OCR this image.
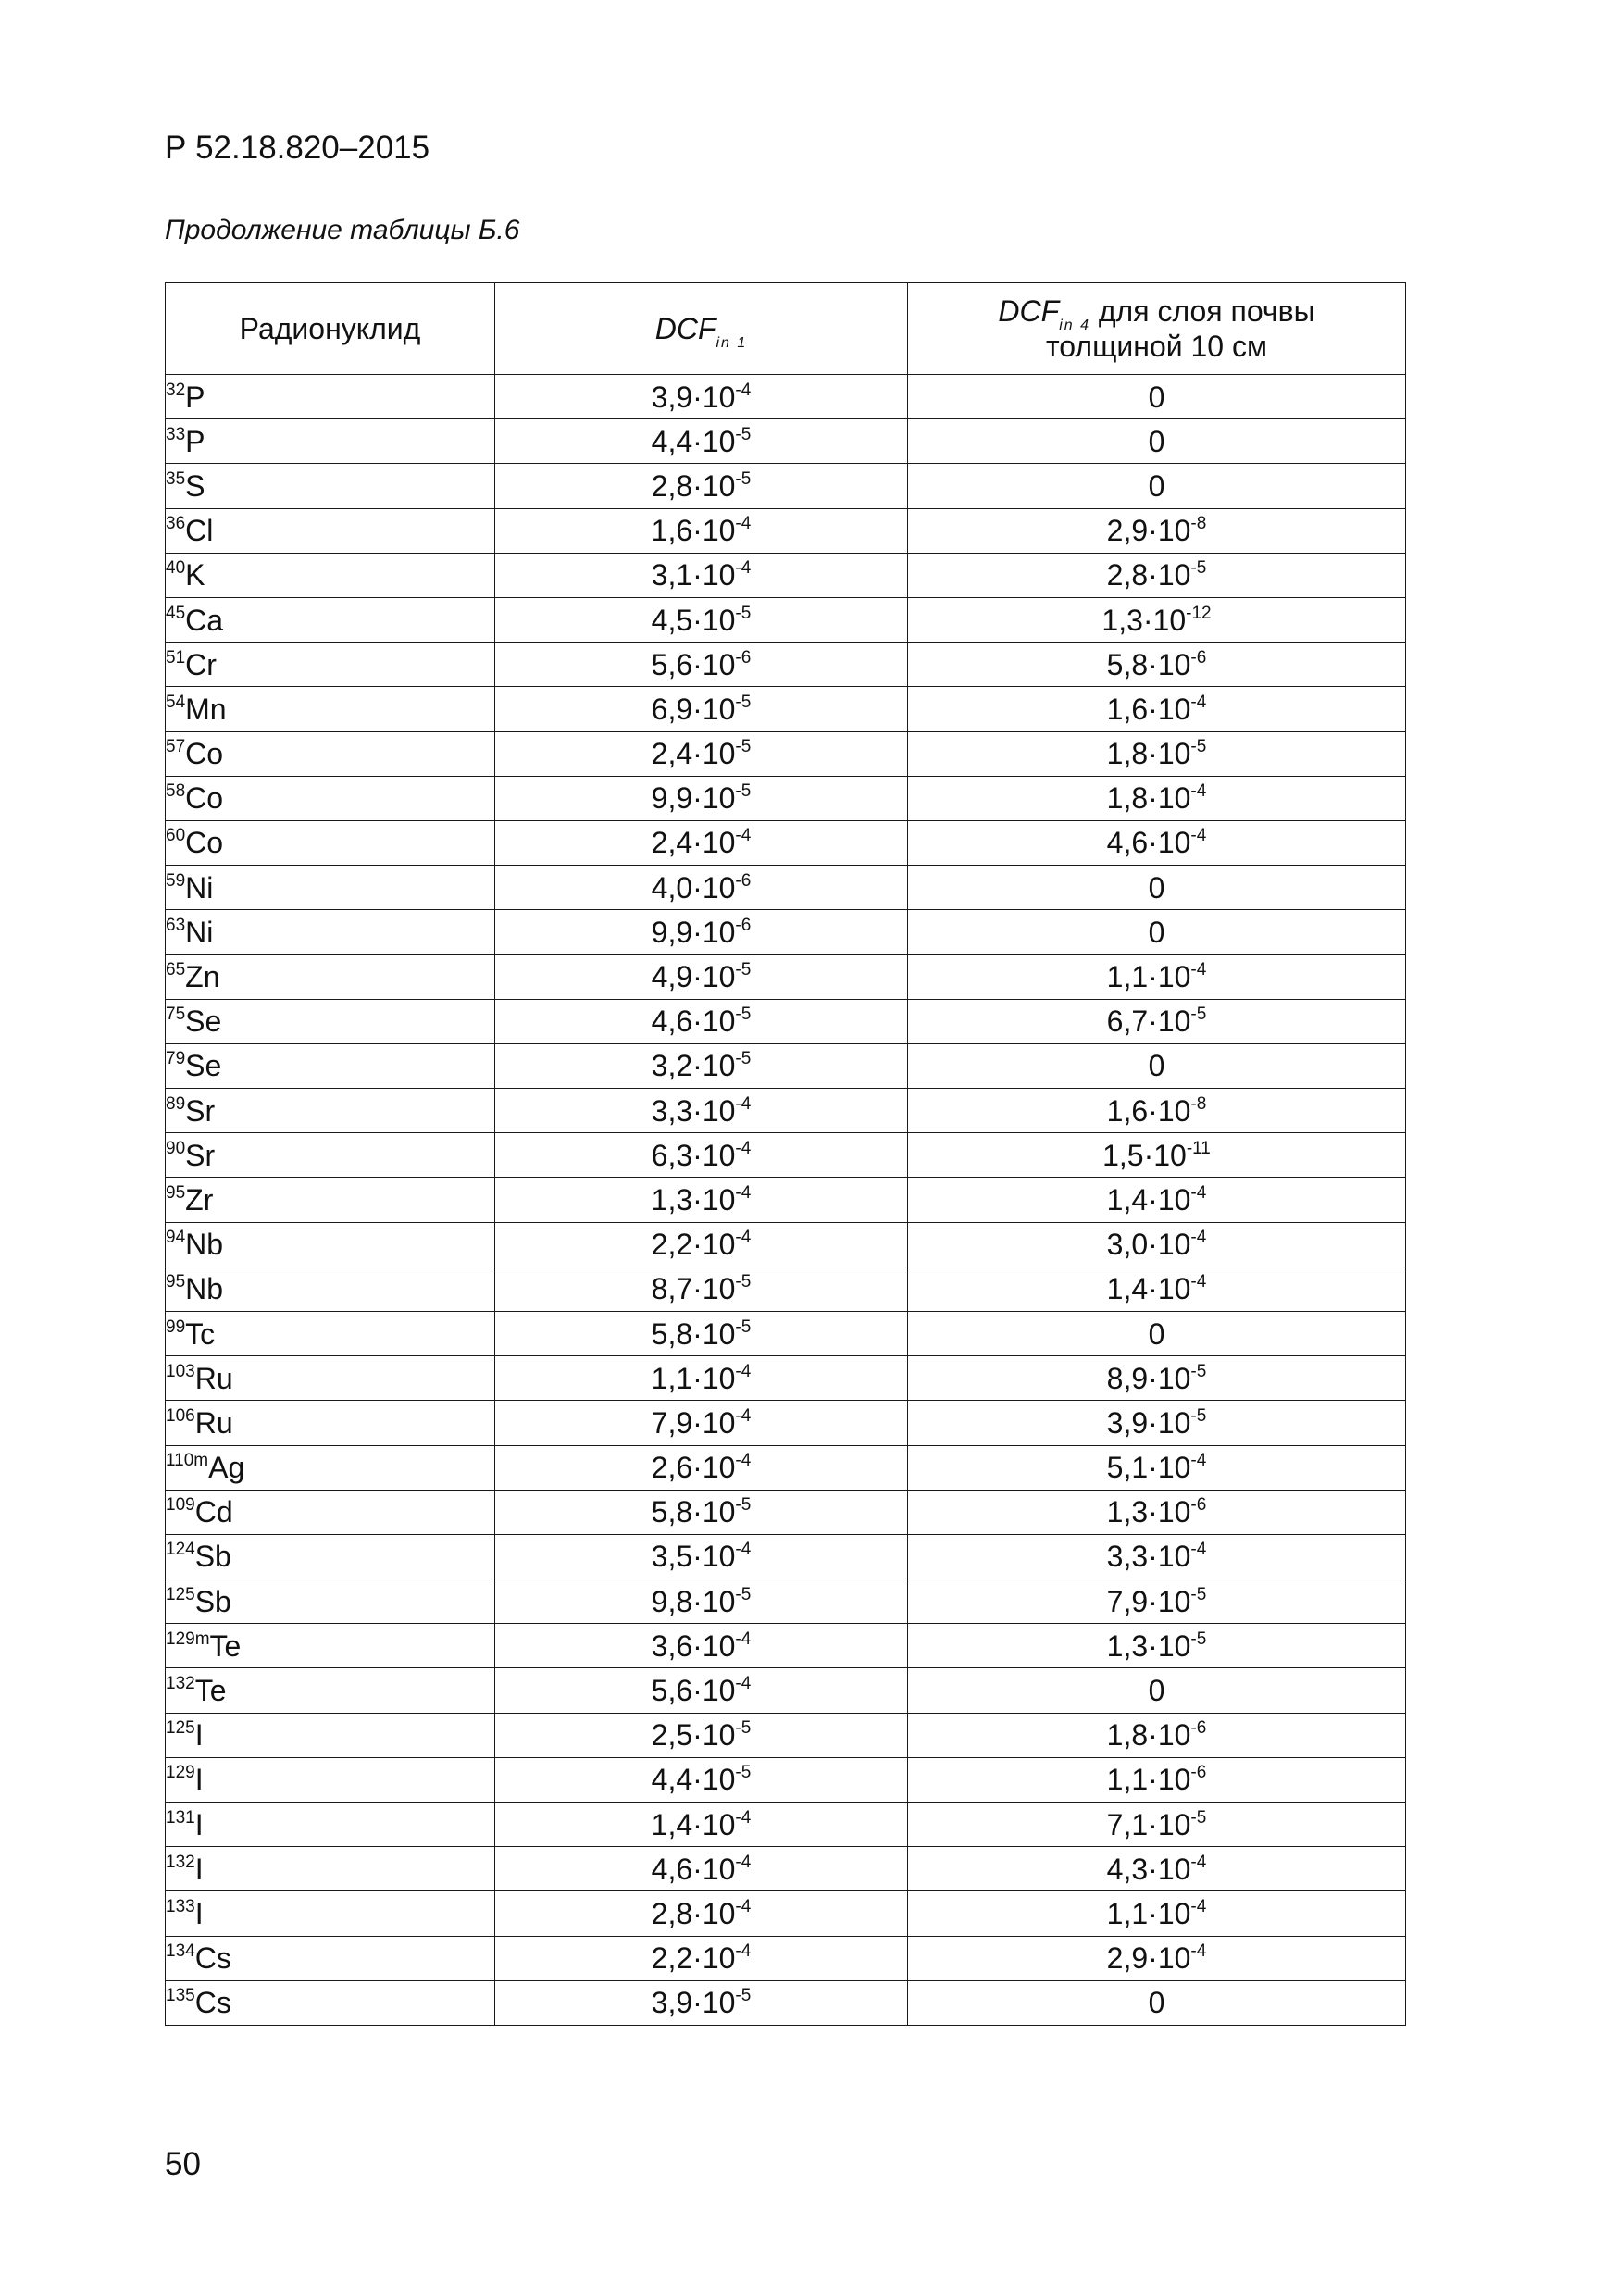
Р 52.18.820–2015
Продолжение таблицы Б.6
Радионуклид	$DCF_{in 1}$	$DCF_{in 4}$ для слоя почвы
толщиной 10 см
$^{32}$P	$3,9\cdot 10^{-4}$	0
$^{33}$P	$4,4\cdot 10^{-5}$	0
$^{35}$S	$2,8\cdot 10^{-5}$	0
$^{36}$Cl	$1,6\cdot 10^{-4}$	$2,9\cdot 10^{-8}$
$^{40}$K	$3,1\cdot 10^{-4}$	$2,8\cdot 10^{-5}$
$^{45}$Ca	$4,5\cdot 10^{-5}$	$1,3\cdot 10^{-12}$
$^{51}$Cr	$5,6\cdot 10^{-6}$	$5,8\cdot 10^{-6}$
$^{54}$Mn	$6,9\cdot 10^{-5}$	$1,6\cdot 10^{-4}$
$^{57}$Co	$2,4\cdot 10^{-5}$	$1,8\cdot 10^{-5}$
$^{58}$Co	$9,9\cdot 10^{-5}$	$1,8\cdot 10^{-4}$
$^{60}$Co	$2,4\cdot 10^{-4}$	$4,6\cdot 10^{-4}$
$^{59}$Ni	$4,0\cdot 10^{-6}$	0
$^{63}$Ni	$9,9\cdot 10^{-6}$	0
$^{65}$Zn	$4,9\cdot 10^{-5}$	$1,1\cdot 10^{-4}$
$^{75}$Se	$4,6\cdot 10^{-5}$	$6,7\cdot 10^{-5}$
$^{79}$Se	$3,2\cdot 10^{-5}$	0
$^{89}$Sr	$3,3\cdot 10^{-4}$	$1,6\cdot 10^{-8}$
$^{90}$Sr	$6,3\cdot 10^{-4}$	$1,5\cdot 10^{-11}$
$^{95}$Zr	$1,3\cdot 10^{-4}$	$1,4\cdot 10^{-4}$
$^{94}$Nb	$2,2\cdot 10^{-4}$	$3,0\cdot 10^{-4}$
$^{95}$Nb	$8,7\cdot 10^{-5}$	$1,4\cdot 10^{-4}$
$^{99}$Tc	$5,8\cdot 10^{-5}$	0
$^{103}$Ru	$1,1\cdot 10^{-4}$	$8,9\cdot 10^{-5}$
$^{106}$Ru	$7,9\cdot 10^{-4}$	$3,9\cdot 10^{-5}$
$^{110m}$Ag	$2,6\cdot 10^{-4}$	$5,1\cdot 10^{-4}$
$^{109}$Cd	$5,8\cdot 10^{-5}$	$1,3\cdot 10^{-6}$
$^{124}$Sb	$3,5\cdot 10^{-4}$	$3,3\cdot 10^{-4}$
$^{125}$Sb	$9,8\cdot 10^{-5}$	$7,9\cdot 10^{-5}$
$^{129m}$Te	$3,6\cdot 10^{-4}$	$1,3\cdot 10^{-5}$
$^{132}$Te	$5,6\cdot 10^{-4}$	0
$^{125}$I	$2,5\cdot 10^{-5}$	$1,8\cdot 10^{-6}$
$^{129}$I	$4,4\cdot 10^{-5}$	$1,1\cdot 10^{-6}$
$^{131}$I	$1,4\cdot 10^{-4}$	$7,1\cdot 10^{-5}$
$^{132}$I	$4,6\cdot 10^{-4}$	$4,3\cdot 10^{-4}$
$^{133}$I	$2,8\cdot 10^{-4}$	$1,1\cdot 10^{-4}$
$^{134}$Cs	$2,2\cdot 10^{-4}$	$2,9\cdot 10^{-4}$
$^{135}$Cs	$3,9\cdot 10^{-5}$	0
50
